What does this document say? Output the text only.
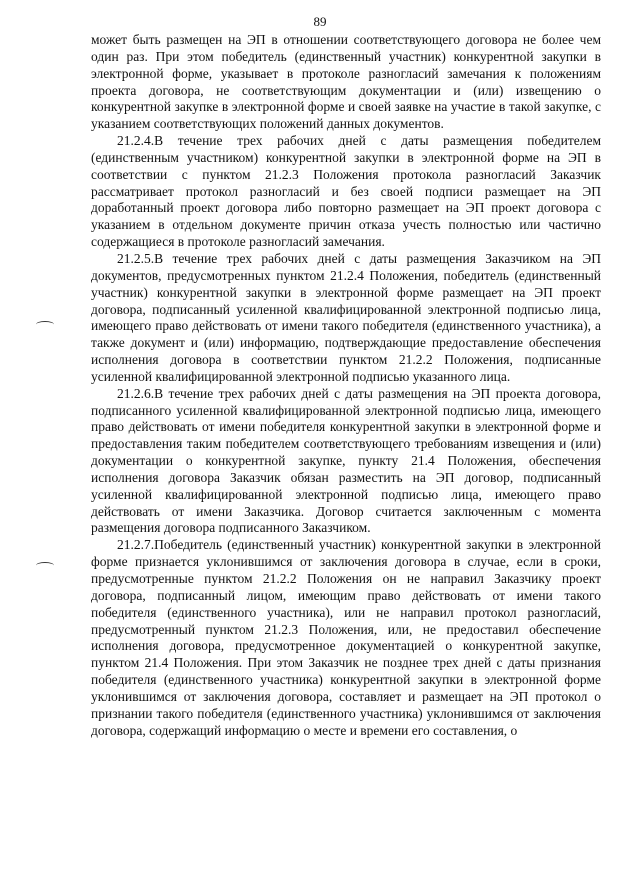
89

может быть размещен на ЭП в отношении соответствующего договора не более чем один раз. При этом победитель (единственный участник) конкурентной закупки в электронной форме, указывает в протоколе разногласий замечания к положениям проекта договора, не соответствующим документации и (или) извещению о конкурентной закупке в электронной форме и своей заявке на участие в такой закупке, с указанием соответствующих положений данных документов.

21.2.4.В течение трех рабочих дней с даты размещения победителем (единственным участником) конкурентной закупки в электронной форме на ЭП в соответствии с пунктом 21.2.3 Положения протокола разногласий Заказчик рассматривает протокол разногласий и без своей подписи размещает на ЭП доработанный проект договора либо повторно размещает на ЭП проект договора с указанием в отдельном документе причин отказа учесть полностью или частично содержащиеся в протоколе разногласий замечания.

21.2.5.В течение трех рабочих дней с даты размещения Заказчиком на ЭП документов, предусмотренных пунктом 21.2.4 Положения, победитель (единственный участник) конкурентной закупки в электронной форме размещает на ЭП проект договора, подписанный усиленной квалифицированной электронной подписью лица, имеющего право действовать от имени такого победителя (единственного участника), а также документ и (или) информацию, подтверждающие предоставление обеспечения исполнения договора в соответствии пунктом 21.2.2 Положения, подписанные усиленной квалифицированной электронной подписью указанного лица.

21.2.6.В течение трех рабочих дней с даты размещения на ЭП проекта договора, подписанного усиленной квалифицированной электронной подписью лица, имеющего право действовать от имени победителя конкурентной закупки в электронной форме и предоставления таким победителем соответствующего требованиям извещения и (или) документации о конкурентной закупке, пункту 21.4 Положения, обеспечения исполнения договора Заказчик обязан разместить на ЭП договор, подписанный усиленной квалифицированной электронной подписью лица, имеющего право действовать от имени Заказчика. Договор считается заключенным с момента размещения договора подписанного Заказчиком.

21.2.7.Победитель (единственный участник) конкурентной закупки в электронной форме признается уклонившимся от заключения договора в случае, если в сроки, предусмотренные пунктом 21.2.2 Положения он не направил Заказчику проект договора, подписанный лицом, имеющим право действовать от имени такого победителя (единственного участника), или не направил протокол разногласий, предусмотренный пунктом 21.2.3 Положения, или, не предоставил обеспечение исполнения договора, предусмотренное документацией о конкурентной закупке, пунктом 21.4 Положения. При этом Заказчик не позднее трех дней с даты признания победителя (единственного участника) конкурентной закупки в электронной форме уклонившимся от заключения договора, составляет и размещает на ЭП протокол о признании такого победителя (единственного участника) уклонившимся от заключения договора, содержащий информацию о месте и времени его составления, о
